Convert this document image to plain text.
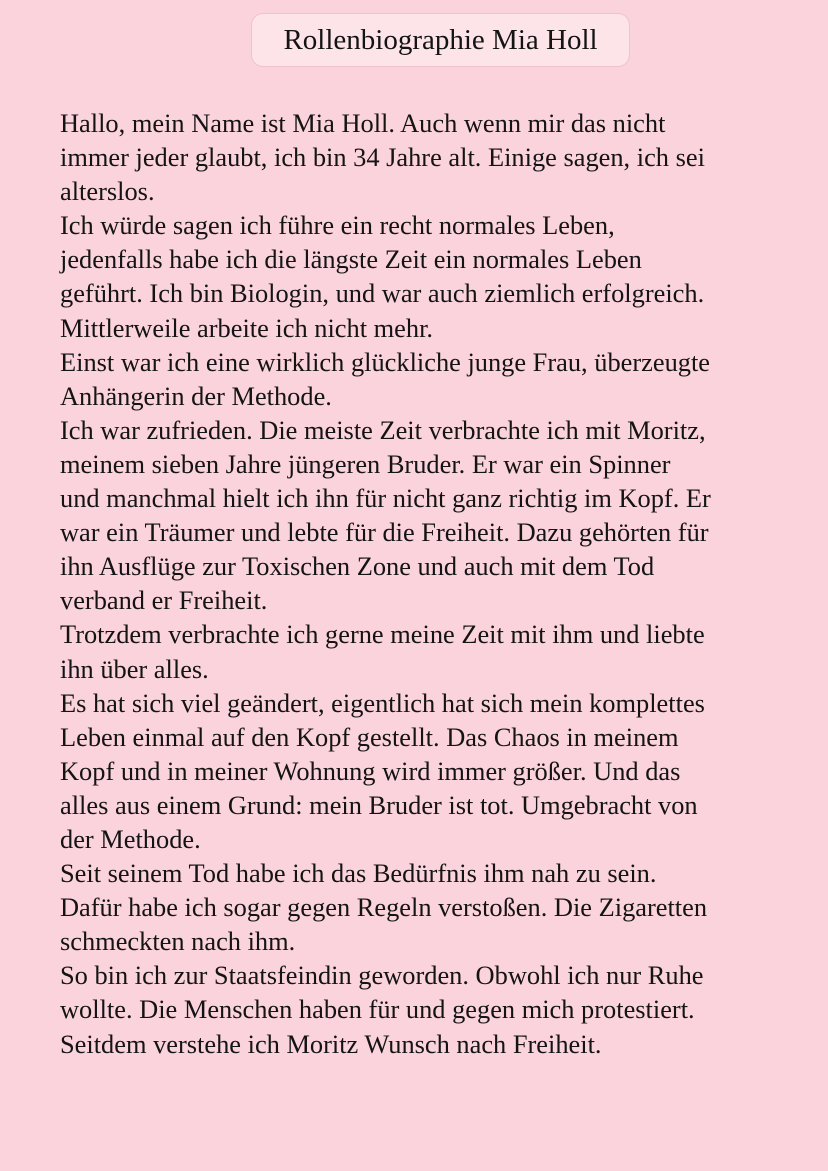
Rollenbiographie Mia Holl
Hallo, mein Name ist Mia Holl. Auch wenn mir das nicht
immer jeder glaubt, ich bin 34 Jahre alt. Einige sagen, ich sei
alterslos.
Ich würde sagen ich führe ein recht normales Leben,
jedenfalls habe ich die längste Zeit ein normales Leben
geführt. Ich bin Biologin, und war auch ziemlich erfolgreich.
Mittlerweile arbeite ich nicht mehr.
Einst war ich eine wirklich glückliche junge Frau, überzeugte
Anhängerin der Methode.
Ich war zufrieden. Die meiste Zeit verbrachte ich mit Moritz,
meinem sieben Jahre jüngeren Bruder. Er war ein Spinner
und manchmal hielt ich ihn für nicht ganz richtig im Kopf. Er
war ein Träumer und lebte für die Freiheit. Dazu gehörten für
ihn Ausflüge zur Toxischen Zone und auch mit dem Tod
verband er Freiheit.
Trotzdem verbrachte ich gerne meine Zeit mit ihm und liebte
ihn über alles.
Es hat sich viel geändert, eigentlich hat sich mein komplettes
Leben einmal auf den Kopf gestellt. Das Chaos in meinem
Kopf und in meiner Wohnung wird immer größer. Und das
alles aus einem Grund: mein Bruder ist tot. Umgebracht von
der Methode.
Seit seinem Tod habe ich das Bedürfnis ihm nah zu sein.
Dafür habe ich sogar gegen Regeln verstoßen. Die Zigaretten
schmeckten nach ihm.
So bin ich zur Staatsfeindin geworden. Obwohl ich nur Ruhe
wollte. Die Menschen haben für und gegen mich protestiert.
Seitdem verstehe ich Moritz Wunsch nach Freiheit.
